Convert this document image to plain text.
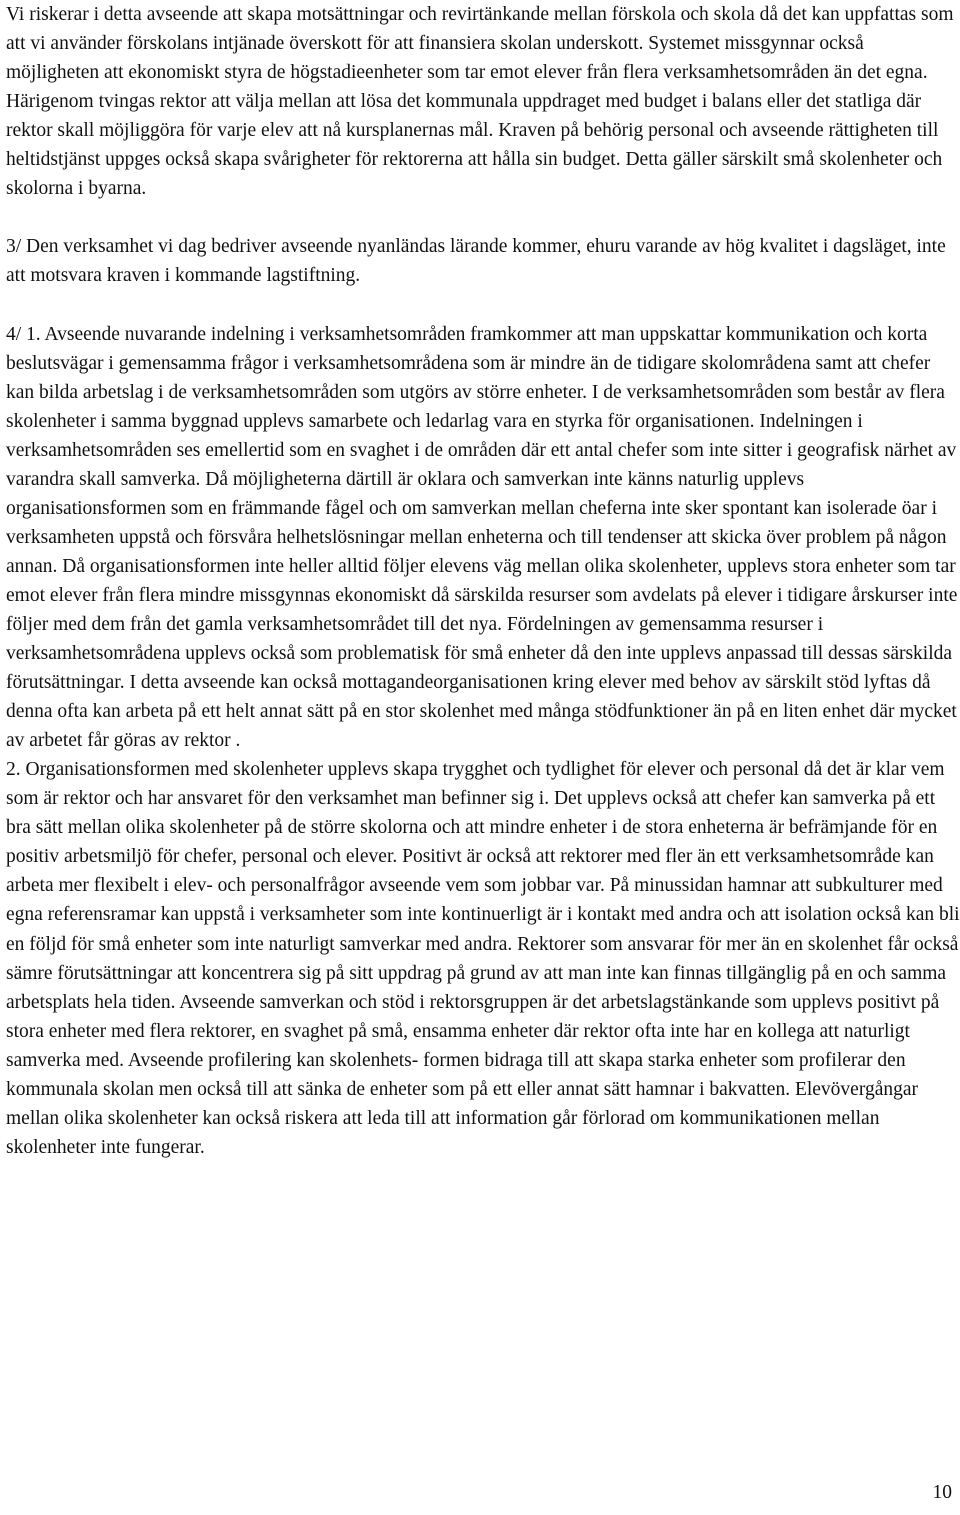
Vi riskerar i detta avseende att skapa motsättningar och revirtänkande mellan förskola och skola då det kan uppfattas som att vi använder förskolans intjänade överskott för att finansiera skolan underskott. Systemet missgynnar också möjligheten att ekonomiskt styra de högstadieenheter som tar emot elever från flera verksamhetsområden än det egna. Härigenom tvingas rektor att välja mellan att lösa det kommunala uppdraget med budget i balans eller det statliga där rektor skall möjliggöra för varje elev att nå kursplanernas mål. Kraven på behörig personal och avseende rättigheten till heltidstjänst uppges också skapa svårigheter för rektorerna att hålla sin budget. Detta gäller särskilt små skolenheter och skolorna i byarna.

3/ Den verksamhet vi dag bedriver avseende nyanländas lärande kommer, ehuru varande av hög kvalitet i dagsläget, inte att motsvara kraven i kommande lagstiftning.

4/ 1. Avseende nuvarande indelning i verksamhetsområden framkommer att man uppskattar kommunikation och korta beslutsvägar i gemensamma frågor i verksamhetsområdena som är mindre än de tidigare skolområdena samt att chefer kan bilda arbetslag i de verksamhetsområden som utgörs av större enheter. I de verksamhetsområden som består av flera skolenheter i samma byggnad upplevs samarbete och ledarlag vara en styrka för organisationen. Indelningen i verksamhetsområden ses emellertid som en svaghet i de områden där ett antal chefer som inte sitter i geografisk närhet av varandra skall samverka. Då möjligheterna därtill är oklara och samverkan inte känns naturlig upplevs organisationsformen som en främmande fågel och om samverkan mellan cheferna inte sker spontant kan isolerade öar i verksamheten uppstå och försvåra helhetslösningar mellan enheterna och till tendenser att skicka över problem på någon annan. Då organisationsformen inte heller alltid följer elevens väg mellan olika skolenheter, upplevs stora enheter som tar emot elever från flera mindre missgynnas ekonomiskt då särskilda resurser som avdelats på elever i tidigare årskurser inte följer med dem från det gamla verksamhetsområdet till det nya. Fördelningen av gemensamma resurser i verksamhetsområdena upplevs också som problematisk för små enheter då den inte upplevs anpassad till dessas särskilda förutsättningar. I detta avseende kan också mottagandeorganisationen kring elever med behov av särskilt stöd lyftas då denna ofta kan arbeta på ett helt annat sätt på en stor skolenhet med många stödfunktioner än på en liten enhet där mycket av arbetet får göras av rektor .

2. Organisationsformen med skolenheter upplevs skapa trygghet och tydlighet för elever och personal då det är klar vem som är rektor och har ansvaret för den verksamhet man befinner sig i. Det upplevs också att chefer kan samverka på ett bra sätt mellan olika skolenheter på de större skolorna och att mindre enheter i de stora enheterna är befrämjande för en positiv arbetsmiljö för chefer, personal och elever. Positivt är också att rektorer med fler än ett verksamhetsområde kan arbeta mer flexibelt i elev- och personalfrågor avseende vem som jobbar var. På minussidan hamnar att subkulturer med egna referensramar kan uppstå i verksamheter som inte kontinuerligt är i kontakt med andra och att isolation också kan bli en följd för små enheter som inte naturligt samverkar med andra. Rektorer som ansvarar för mer än en skolenhet får också sämre förutsättningar att koncentrera sig på sitt uppdrag på grund av att man inte kan finnas tillgänglig på en och samma arbetsplats hela tiden. Avseende samverkan och stöd i rektorsgruppen är det arbetslagstänkande som upplevs positivt på stora enheter med flera rektorer, en svaghet på små, ensamma enheter där rektor ofta inte har en kollega att naturligt samverka med. Avseende profilering kan skolenhets- formen bidraga till att skapa starka enheter som profilerar den kommunala skolan men också till att sänka de enheter som på ett eller annat sätt hamnar i bakvatten. Elevövergångar mellan olika skolenheter kan också riskera att leda till att information går förlorad om kommunikationen mellan skolenheter inte fungerar.

10
